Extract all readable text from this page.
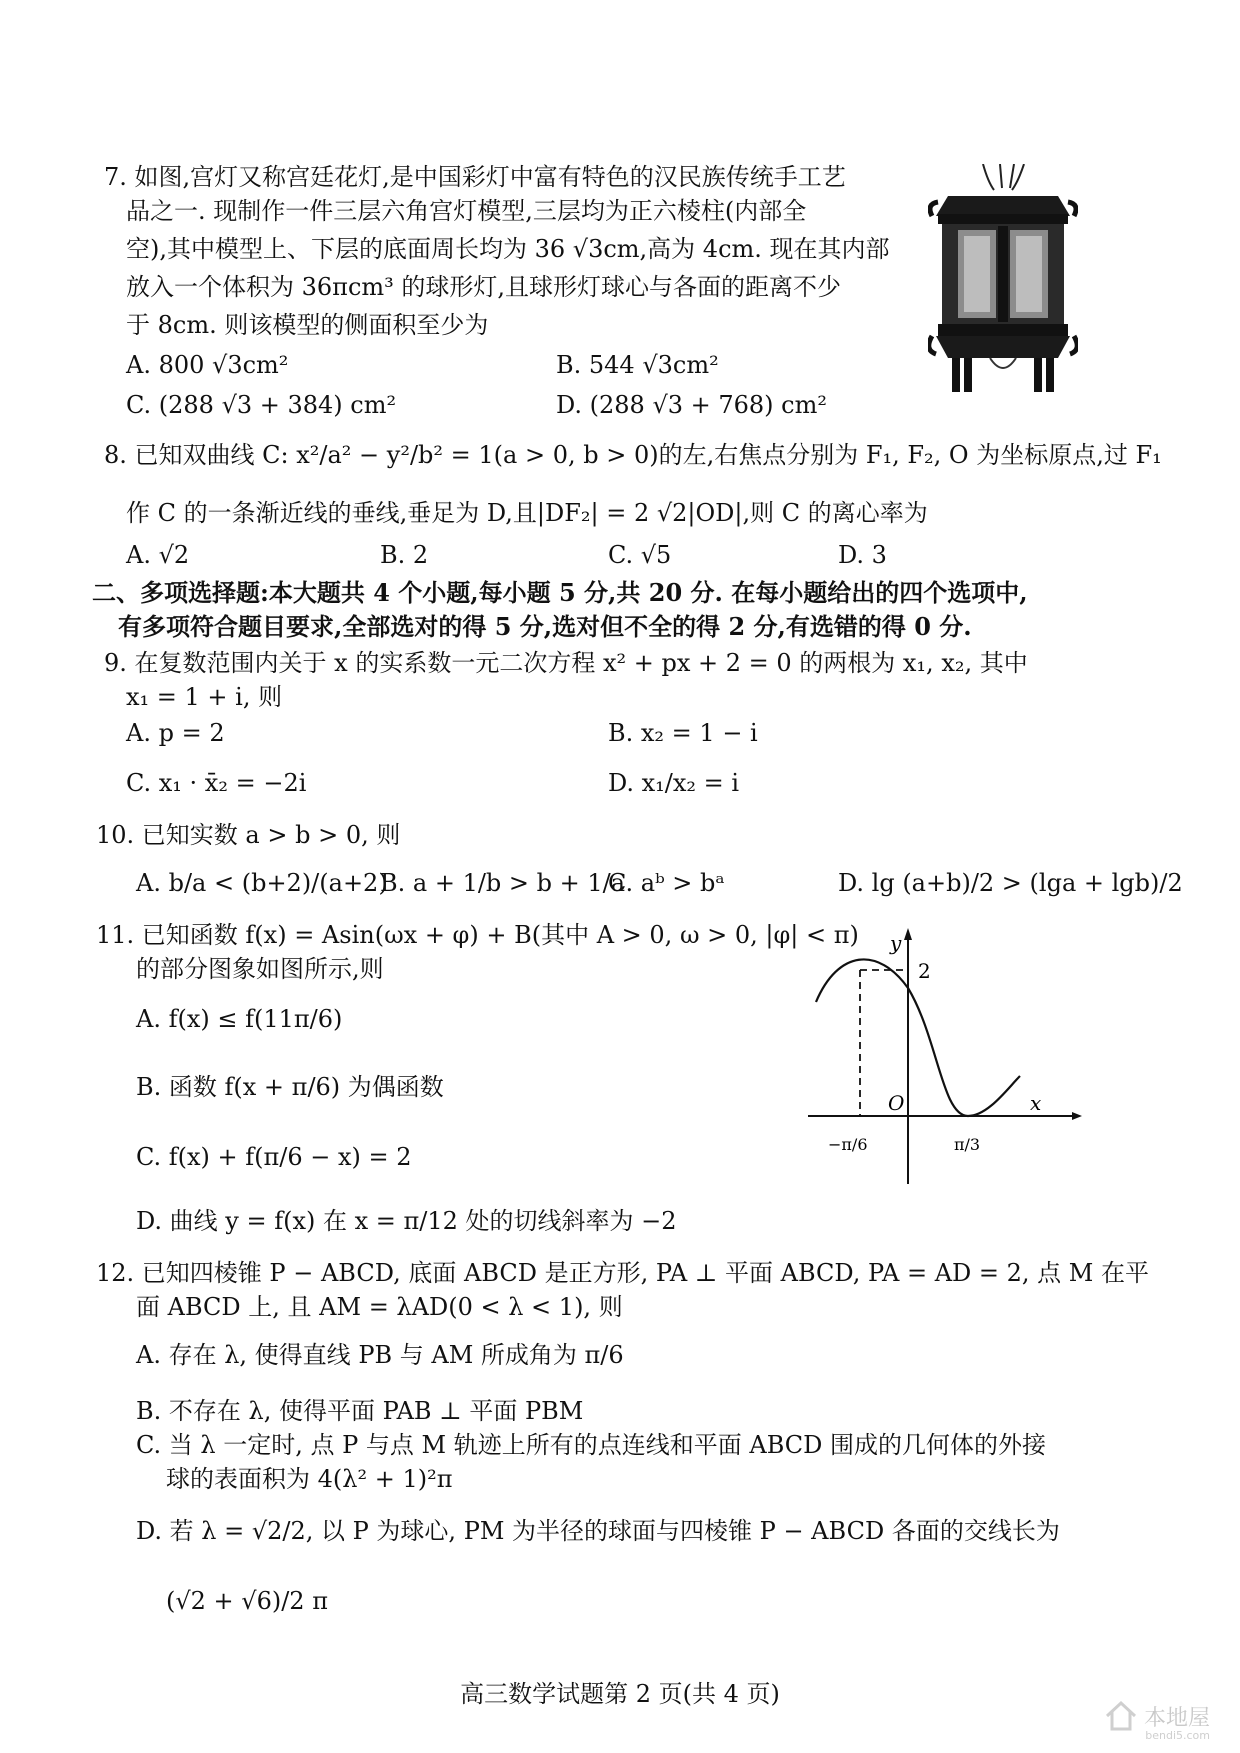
7. 如图,宫灯又称宫廷花灯,是中国彩灯中富有特色的汉民族传统手工艺
品之一. 现制作一件三层六角宫灯模型,三层均为正六棱柱(内部全
空),其中模型上、下层的底面周长均为 36 √3cm,高为 4cm. 现在其内部
放入一个体积为 36πcm³ 的球形灯,且球形灯球心与各面的距离不少
于 8cm. 则该模型的侧面积至少为
A. 800 √3cm²	B. 544 √3cm²
C. (288 √3 + 384) cm²	D. (288 √3 + 768) cm²
8. 已知双曲线 C: x²/a² − y²/b² = 1(a > 0, b > 0)的左,右焦点分别为 F₁, F₂, O 为坐标原点,过 F₁
作 C 的一条渐近线的垂线,垂足为 D,且|DF₂| = 2 √2|OD|,则 C 的离心率为
A. √2	B. 2	C. √5	D. 3
二、多项选择题:本大题共 4 个小题,每小题 5 分,共 20 分. 在每小题给出的四个选项中,
有多项符合题目要求,全部选对的得 5 分,选对但不全的得 2 分,有选错的得 0 分.
9. 在复数范围内关于 x 的实系数一元二次方程 x² + px + 2 = 0 的两根为 x₁, x₂, 其中
x₁ = 1 + i, 则
A. p = 2	B. x₂ = 1 − i
C. x₁ · x̄₂ = −2i	D. x₁/x₂ = i
10. 已知实数 a > b > 0, 则
A. b/a < (b+2)/(a+2)
B. a + 1/b > b + 1/a
C. aᵇ > bᵃ	D. lg (a+b)/2 > (lga + lgb)/2
11. 已知函数 f(x) = Asin(ωx + φ) + B(其中 A > 0, ω > 0, |φ| < π)
的部分图象如图所示,则
A. f(x) ≤ f(11π/6)
B. 函数 f(x + π/6) 为偶函数
C. f(x) + f(π/6 − x) = 2
D. 曲线 y = f(x) 在 x = π/12 处的切线斜率为 −2
y
x
O
2
−π/6	π/3
12. 已知四棱锥 P − ABCD, 底面 ABCD 是正方形, PA ⊥ 平面 ABCD, PA = AD = 2, 点 M 在平
面 ABCD 上, 且 AM = λAD(0 < λ < 1), 则
A. 存在 λ, 使得直线 PB 与 AM 所成角为 π/6
B. 不存在 λ, 使得平面 PAB ⊥ 平面 PBM
C. 当 λ 一定时, 点 P 与点 M 轨迹上所有的点连线和平面 ABCD 围成的几何体的外接
球的表面积为 4(λ² + 1)²π
D. 若 λ = √2/2, 以 P 为球心, PM 为半径的球面与四棱锥 P − ABCD 各面的交线长为
(√2 + √6)/2 π
高三数学试题第 2 页(共 4 页)
本地屋
bendi5.com
